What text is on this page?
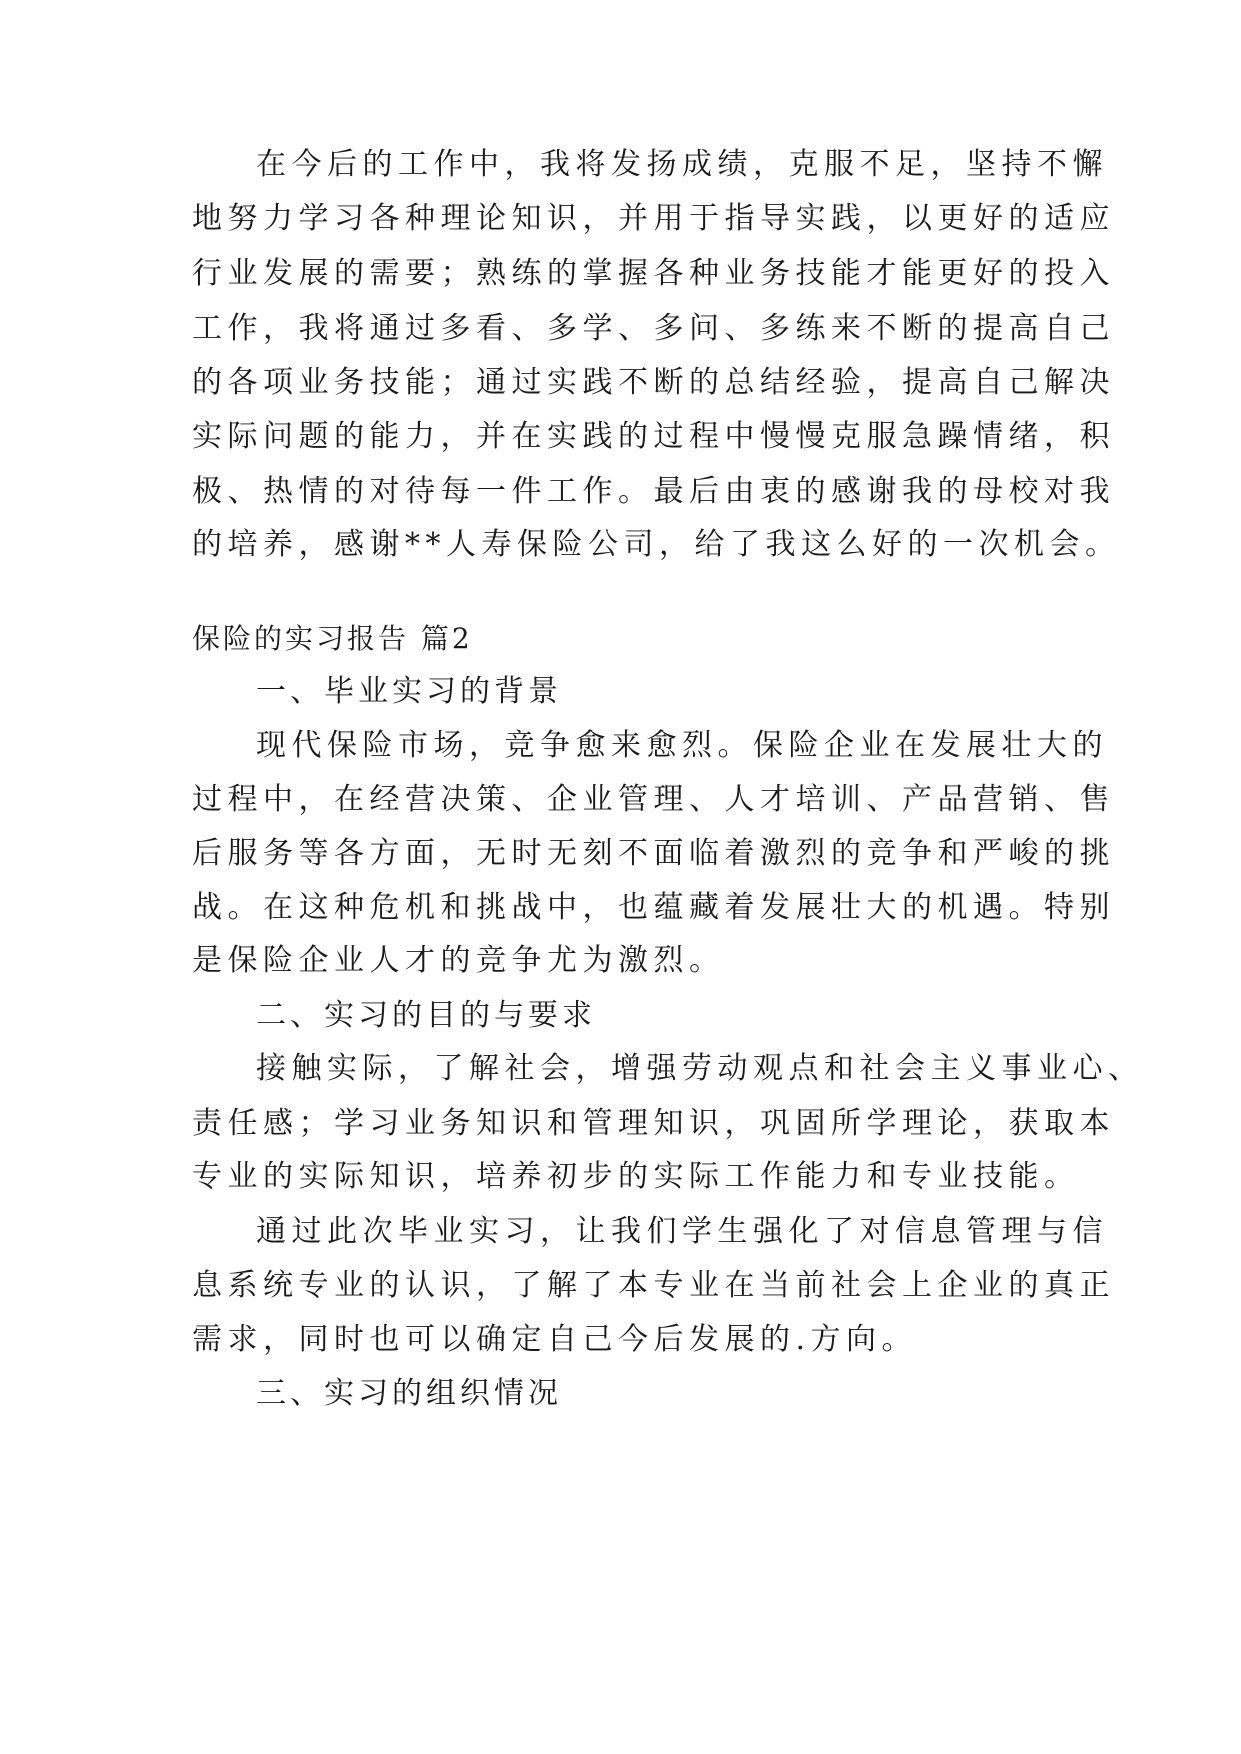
在今后的工作中，我将发扬成绩，克服不足，坚持不懈
地努力学习各种理论知识，并用于指导实践，以更好的适应
行业发展的需要；熟练的掌握各种业务技能才能更好的投入
工作，我将通过多看、多学、多问、多练来不断的提高自己
的各项业务技能；通过实践不断的总结经验，提高自己解决
实际问题的能力，并在实践的过程中慢慢克服急躁情绪，积
极、热情的对待每一件工作。最后由衷的感谢我的母校对我
的培养，感谢**人寿保险公司，给了我这么好的一次机会。
保险的实习报告 篇2
一、毕业实习的背景
现代保险市场，竞争愈来愈烈。保险企业在发展壮大的
过程中，在经营决策、企业管理、人才培训、产品营销、售
后服务等各方面，无时无刻不面临着激烈的竞争和严峻的挑
战。在这种危机和挑战中，也蕴藏着发展壮大的机遇。特别
是保险企业人才的竞争尤为激烈。
二、实习的目的与要求
接触实际，了解社会，增强劳动观点和社会主义事业心、
责任感；学习业务知识和管理知识，巩固所学理论，获取本
专业的实际知识，培养初步的实际工作能力和专业技能。
通过此次毕业实习，让我们学生强化了对信息管理与信
息系统专业的认识，了解了本专业在当前社会上企业的真正
需求，同时也可以确定自己今后发展的.方向。
三、实习的组织情况
